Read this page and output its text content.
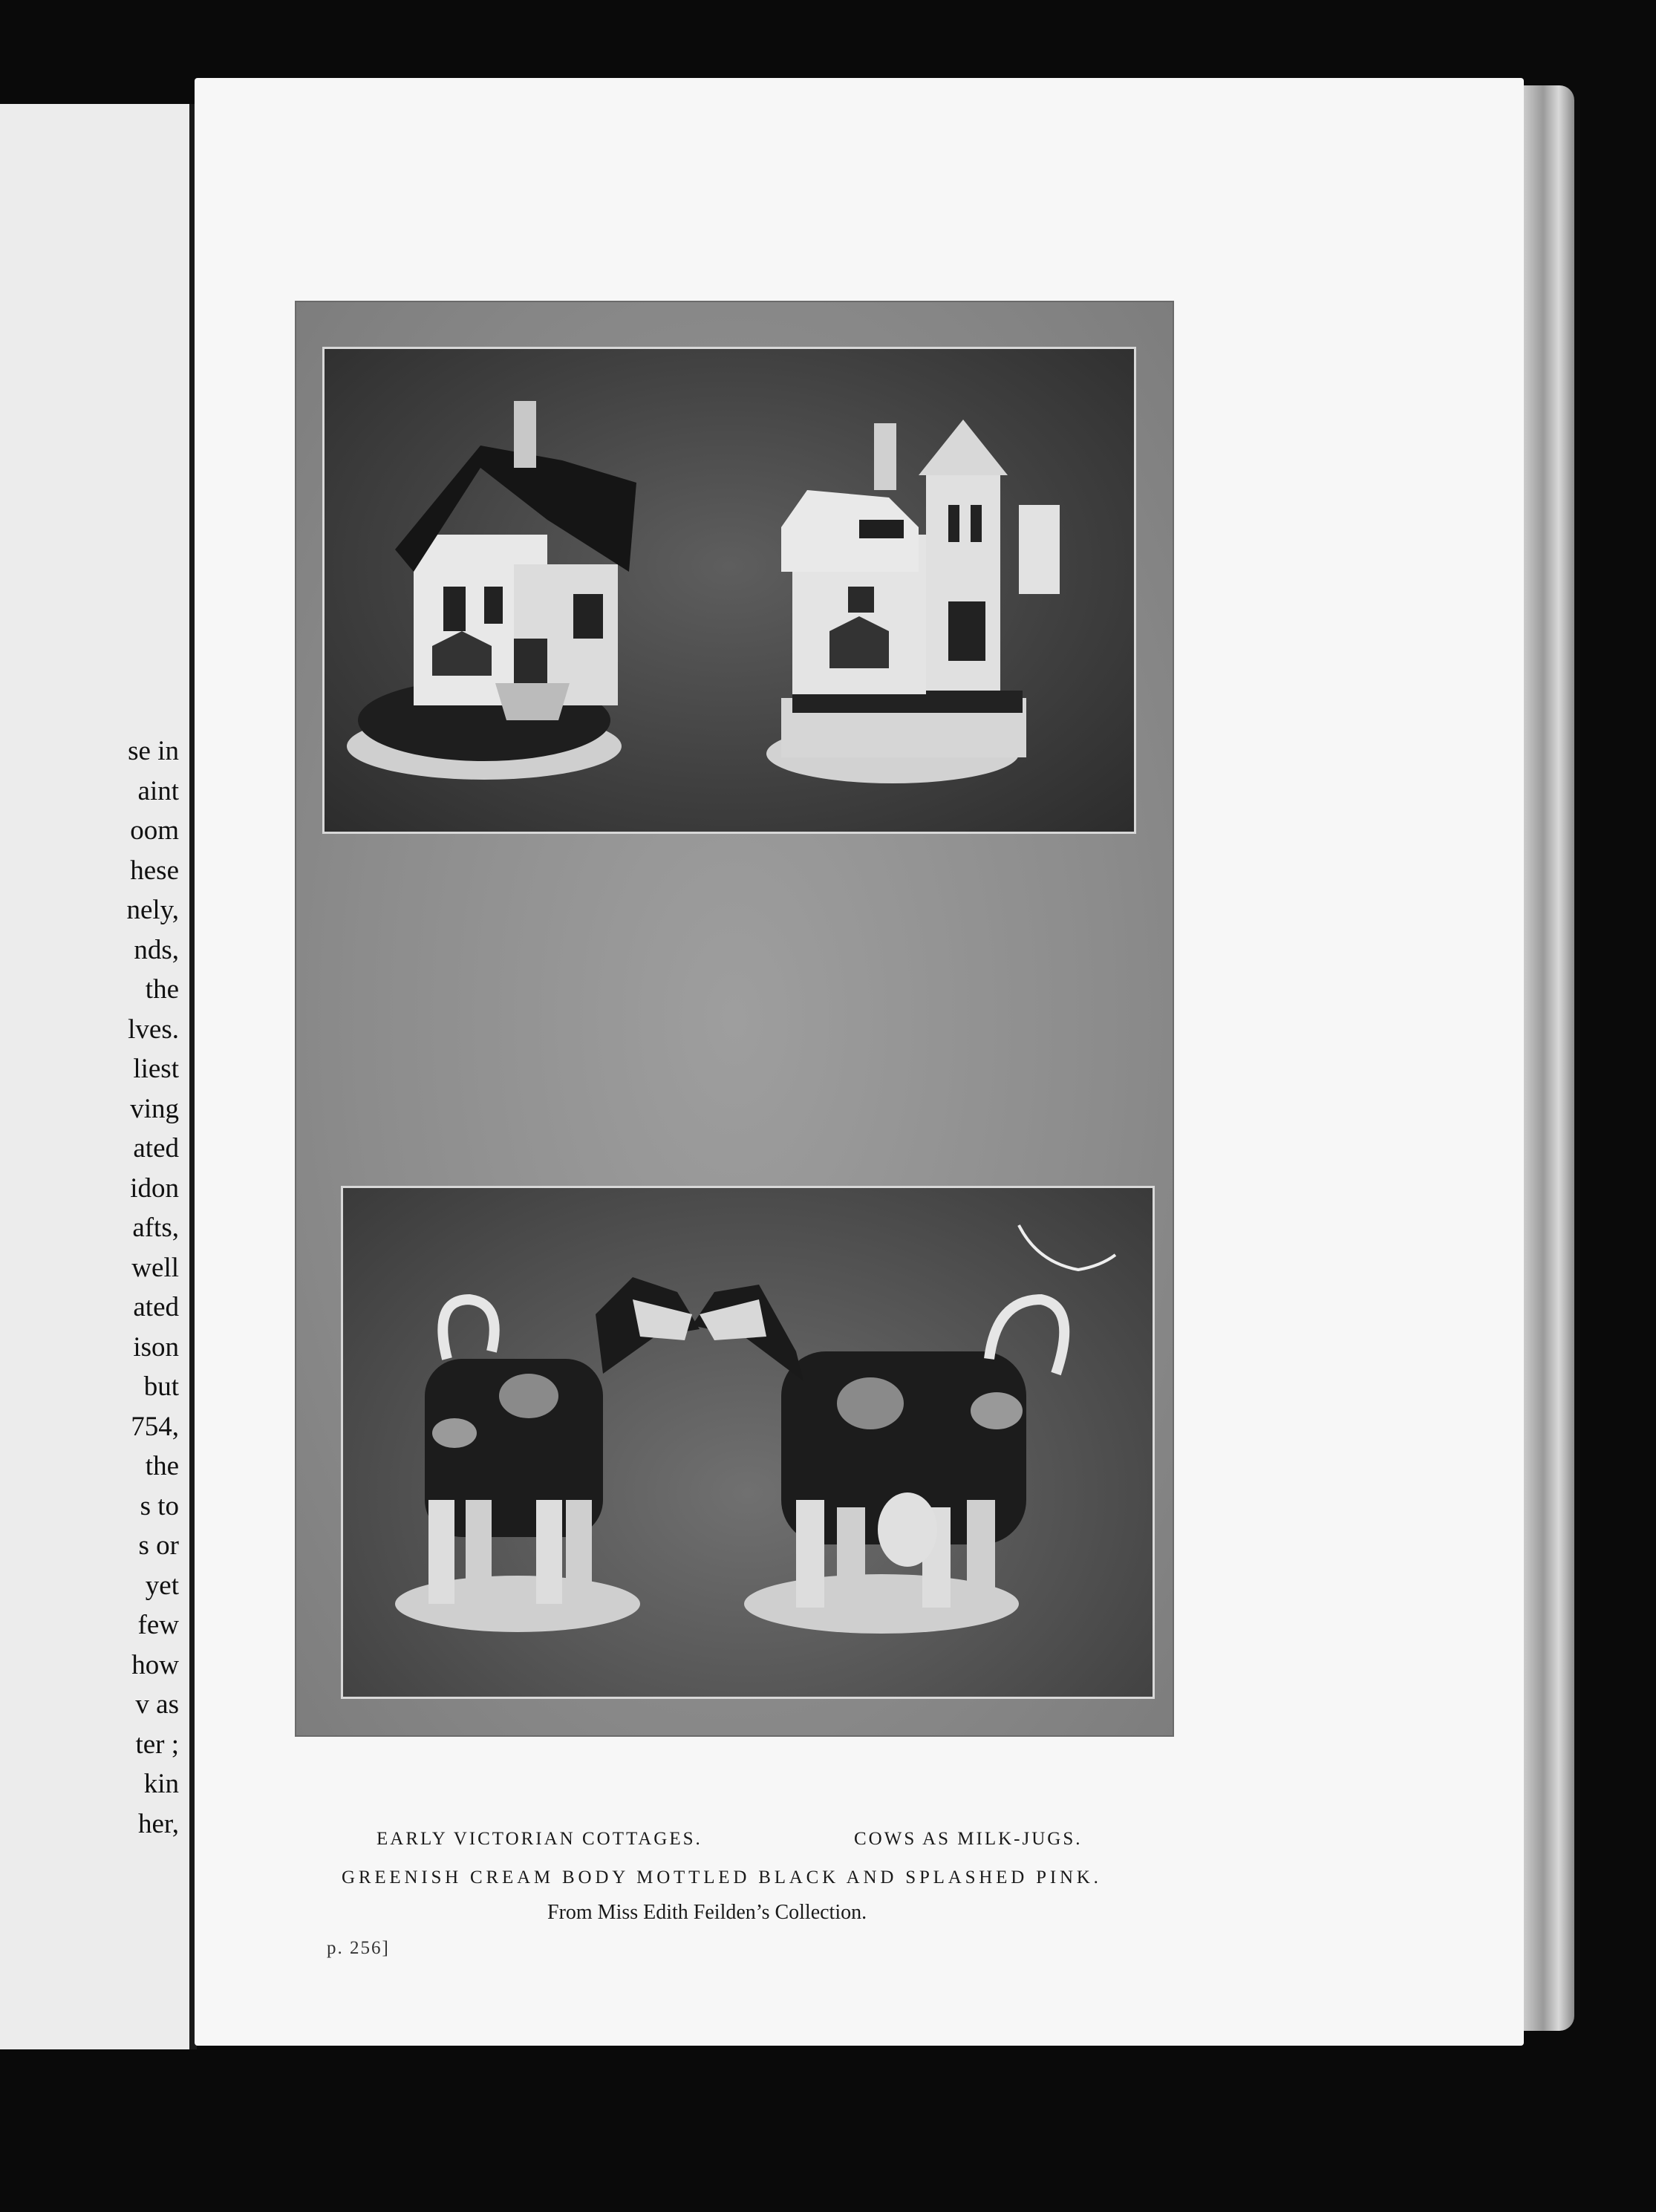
se in
aint
oom
hese
nely,
nds,
the
lves.
liest
ving
ated
idon
afts,
well
ated
ison
but
754,
the
s to
s or
yet
few
how
v as
ter ;
kin
her,	EARLY VICTORIAN COTTAGES.	COWS AS MILK-JUGS.
GREENISH CREAM BODY MOTTLED BLACK AND SPLASHED PINK.
From Miss Edith Feilden’s Collection.
p. 256]
